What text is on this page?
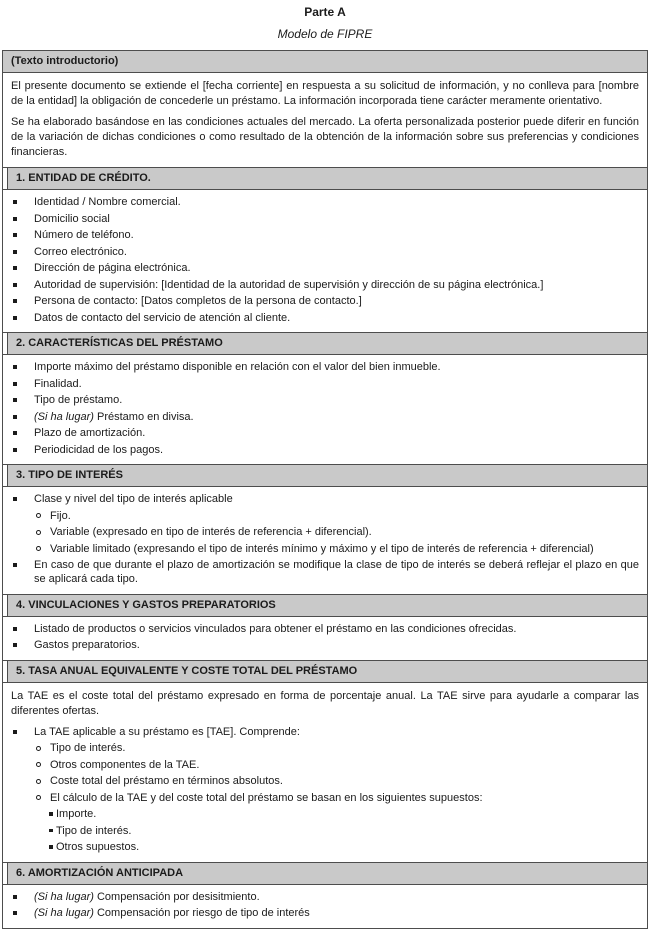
Parte A
Modelo de FIPRE
(Texto introductorio)
El presente documento se extiende el [fecha corriente] en respuesta a su solicitud de información, y no conlleva para [nombre de la entidad] la obligación de concederle un préstamo. La información incorporada tiene carácter meramente orientativo.
Se ha elaborado basándose en las condiciones actuales del mercado. La oferta personalizada posterior puede diferir en función de la variación de dichas condiciones o como resultado de la obtención de la información sobre sus preferencias y condiciones financieras.
1. ENTIDAD DE CRÉDITO.
Identidad / Nombre comercial.
Domicilio social
Número de teléfono.
Correo electrónico.
Dirección de página electrónica.
Autoridad de supervisión: [Identidad de la autoridad de supervisión y dirección de su página electrónica.]
Persona de contacto: [Datos completos de la persona de contacto.]
Datos de contacto del servicio de atención al cliente.
2. CARACTERÍSTICAS DEL PRÉSTAMO
Importe máximo del préstamo disponible en relación con el valor del bien inmueble.
Finalidad.
Tipo de préstamo.
(Si ha lugar) Préstamo en divisa.
Plazo de amortización.
Periodicidad de los pagos.
3. TIPO DE INTERÉS
Clase y nivel del tipo de interés aplicable
Fijo.
Variable (expresado en tipo de interés de referencia + diferencial).
Variable limitado (expresando el tipo de interés mínimo y máximo y el tipo de interés de referencia + diferencial)
En caso de que durante el plazo de amortización se modifique la clase de tipo de interés se deberá reflejar el plazo en que se aplicará cada tipo.
4. VINCULACIONES Y GASTOS PREPARATORIOS
Listado de productos o servicios vinculados para obtener el préstamo en las condiciones ofrecidas.
Gastos preparatorios.
5. TASA ANUAL EQUIVALENTE Y COSTE TOTAL DEL PRÉSTAMO
La TAE es el coste total del préstamo expresado en forma de porcentaje anual. La TAE sirve para ayudarle a comparar las diferentes ofertas.
La TAE aplicable a su préstamo es [TAE]. Comprende:
Tipo de interés.
Otros componentes de la TAE.
Coste total del préstamo en términos absolutos.
El cálculo de la TAE y del coste total del préstamo se basan en los siguientes supuestos:
Importe.
Tipo de interés.
Otros supuestos.
6. AMORTIZACIÓN ANTICIPADA
(Si ha lugar) Compensación por desisitmiento.
(Si ha lugar) Compensación por riesgo de tipo de interés
